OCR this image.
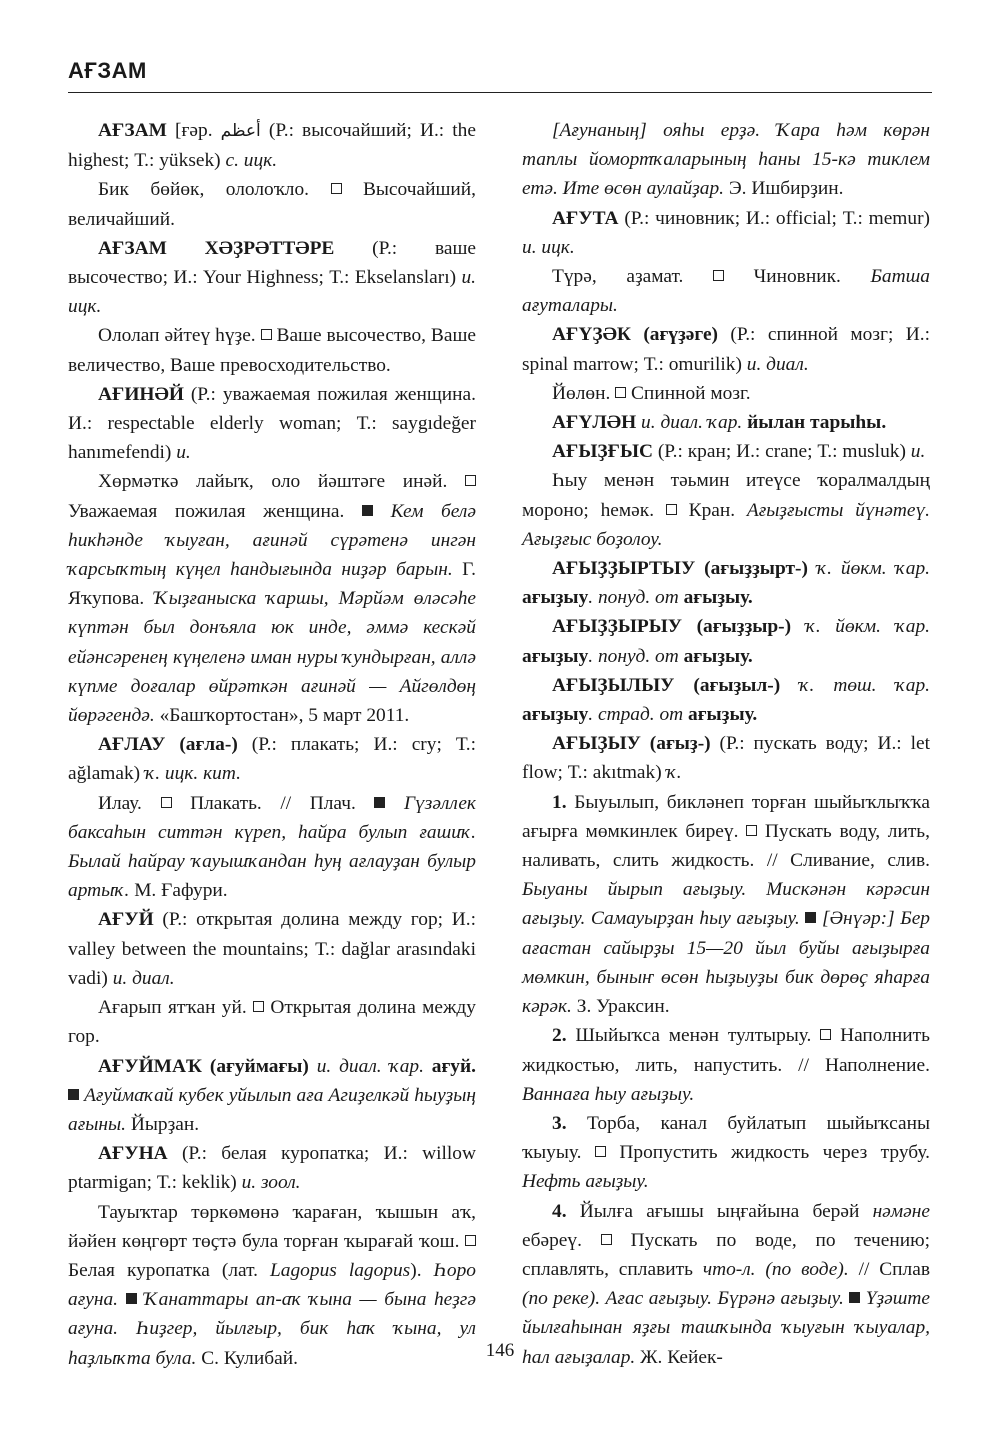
АҒЗАМ

АҒЗАМ [ғәр. أعظم (Р.: высочайший; И.: the highest; Т.: yüksek) с. ицк.

Бик бөйөк, ололоҡло.  Высочайший, величайший.

АҒЗАМ ХӘҘРӘТТӘРЕ (Р.: ваше высочество; И.: Your Highness; Т.: Ekselansları) и. ицк.

Ололап әйтеү һүҙе.  Ваше высочество, Ваше величество, Ваше превосходительство.

АҒИНӘЙ (Р.: уважаемая пожилая женщина. И.: respectable elderly woman; Т.: saygıdeğer hanımefendi) и.

Хөрмәткә лайыҡ, оло йәштәге инәй.  Уважаемая пожилая женщина.  Кем белә һикһәнде ҡыуған, ағинәй сүрәтенә ингән ҡарсыҡтың күңел һандығында ниҙәр барын. Г. Яҡупова. Ҡыҙғаныска ҡаршы, Мәрйәм өләсәһе күптән был донъяла юк инде, әммә кескәй ейәнсәренең күңеленә иман нуры ҡундырған, аллә күпме доғалар өйрәткән ағинәй — Айгөлдөң йөрәгендә. «Башҡортостан», 5 март 2011.

АҒЛАУ (ағла-) (Р.: плакать; И.: cry; Т.: ağlamak) ҡ. ицк. кит.

Илау.  Плакать. // Плач.  Гүзәллек баксаһын ситтән күреп, һайра булып ғашиҡ. Былай һайрау ҡауышҡандан һуң ағлауҙан булыр артыҡ. М. Ғафури.

АҒУЙ (Р.: открытая долина между гор; И.: valley between the mountains; Т.: dağlar arasındaki vadi) и. диал.

Ағарып ятҡан уй.  Открытая долина между гор.

АҒУЙМАҠ (ағуймағы) и. диал. ҡар. ағуй.  Ағуймаҡай кубек уйылып аға Агиҙелкәй һыуҙың ағыны. Йырҙан.

АҒУНА (Р.: белая куропатка; И.: willow ptarmigan; Т.: keklik) и. зоол.

Тауыҡтар төркөмөнә ҡараған, ҡышын аҡ, йәйен көңгөрт төҫтә була торған ҡырағай ҡош.  Белая куропатка (лат. Lagopus lagopus). Һоро ағуна.  Ҡанаттары ап-аҡ ҡына — бына һеҙгә ағуна. Һиҙгер, йылғыр, бик һаҡ ҡына, ул һаҙлыҡта була. С. Кулибай.

[Ағунаның] ояһы ерҙә. Ҡара һәм көрән таплы йомортҡаларының һаны 15-кә тиклем етә. Ите өсөн аулайҙар. Э. Ишбирҙин.

АҒУТА (Р.: чиновник; И.: official; Т.: memur) и. ицк.

Түрә, аҙамат.  Чиновник. Батша ағуталары.

АҒҮҘӘК (ағүҙәге) (Р.: спинной мозг; И.: spinal marrow; Т.: omurilik) и. диал.

Йөлөн.  Спинной мозг.

АҒҮЛӘН и. диал. ҡар. йылан тарыһы.

АҒЫҘҒЫС (Р.: кран; И.: crane; Т.: musluk) и.

Һыу менән тәьмин итеүсе ҡоралмалдың мороно; һемәк.  Кран. Ағыҙғысты йүнәтеү. Ағыҙғыс боҙолоу.

АҒЫҘҘЫРТЫУ (ағыҙҙырт-) ҡ. йөкм. ҡар. ағыҙыу. понуд. от ағыҙыу.

АҒЫҘҘЫРЫУ (ағыҙҙыр-) ҡ. йөкм. ҡар. ағыҙыу. понуд. от ағыҙыу.

АҒЫҘЫЛЫУ (ағыҙыл-) ҡ. төш. ҡар. ағыҙыу. страд. от ағыҙыу.

АҒЫҘЫУ (ағыҙ-) (Р.: пускать воду; И.: let flow; Т.: akıtmak) ҡ.

1. Быуылып, бикләнеп торған шыйыҡлыҡҡа ағырға мөмкинлек биреү.  Пускать воду, лить, наливать, слить жидкость. // Сливание, слив. Быуаны йырып ағыҙыу. Мискәнән кәрәсин ағыҙыу. Самауырҙан һыу ағыҙыу.  [Әнүәр:] Бер ағастан сайырҙы 15—20 йыл буйы ағыҙырға мөмкин, быныҥ өсөн һыҙыуҙы бик дөрөҫ яһарға кәрәк. З. Ураксин.

2. Шыйыҡса менән тултырыу.  Наполнить жидкостью, лить, напустить. // Наполнение. Ваннаға һыу ағыҙыу.

3. Торба, канал буйлатып шыйыҡсаны ҡыуыу.  Пропустить жидкость через трубу. Нефть ағыҙыу.

4. Йылға ағышы ыңғайына берәй нәмәне ебәреү.  Пускать по воде, по течению; сплавлять, сплавить что-л. (по воде). // Сплав (по реке). Ағас ағыҙыу. Бүрәнә ағыҙыу.  Үҙәште йылғаһынан яҙғы ташҡында ҡыуғын ҡыуалар, һал ағыҙалар. Ж. Кейек-

146
